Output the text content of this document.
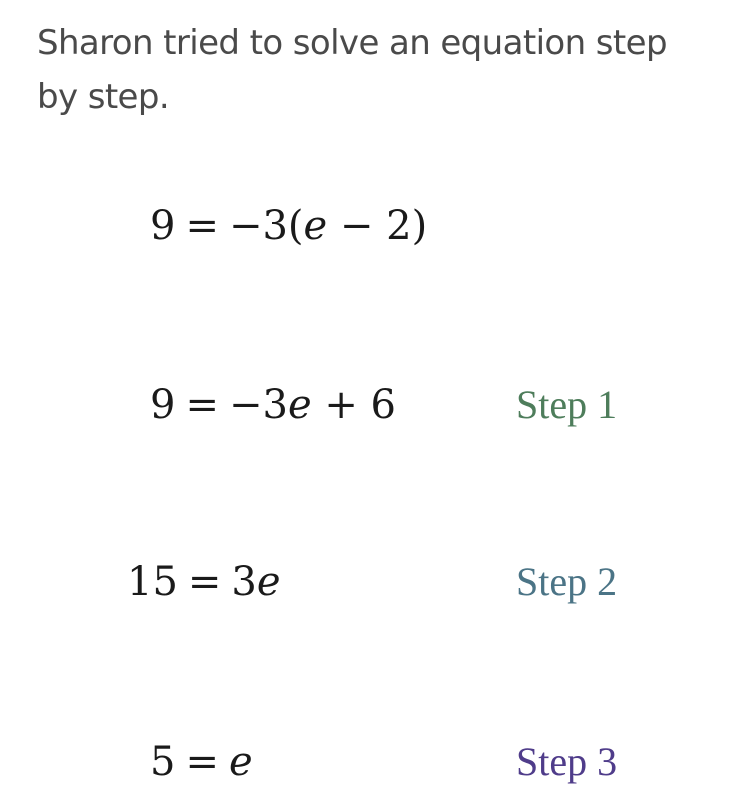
Sharon tried to solve an equation step by step.

9 = −3(e − 2)
9 = −3e + 6
15 = 3e
5 = e
Step 1
Step 2
Step 3
